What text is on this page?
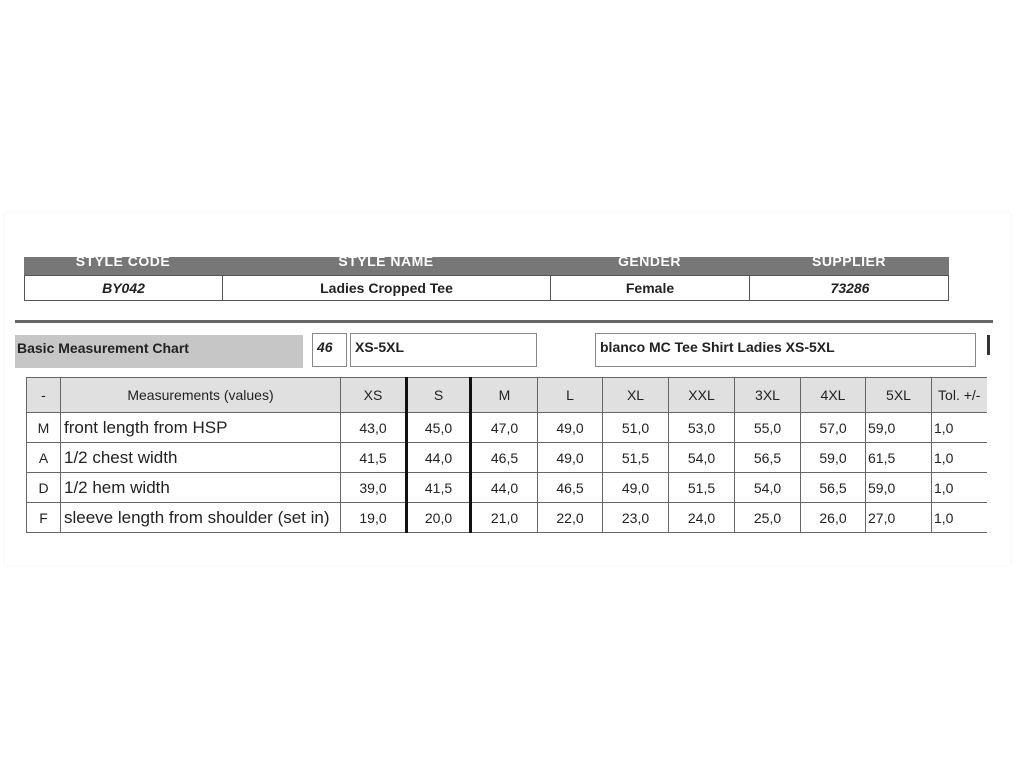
STYLE CODE	STYLE NAME	GENDER	SUPPLIER
BY042	Ladies Cropped Tee	Female	73286
Basic Measurement Chart	46	XS-5XL	blanco MC Tee Shirt Ladies XS-5XL
-	Measurements (values)	XS	S	M	L	XL	XXL	3XL	4XL	5XL	Tol. +/-
M	front length from HSP	43,0	45,0	47,0	49,0	51,0	53,0	55,0	57,0	59,0	1,0
A	1/2 chest width	41,5	44,0	46,5	49,0	51,5	54,0	56,5	59,0	61,5	1,0
D	1/2 hem width	39,0	41,5	44,0	46,5	49,0	51,5	54,0	56,5	59,0	1,0
F	sleeve length from shoulder (set in)	19,0	20,0	21,0	22,0	23,0	24,0	25,0	26,0	27,0	1,0
